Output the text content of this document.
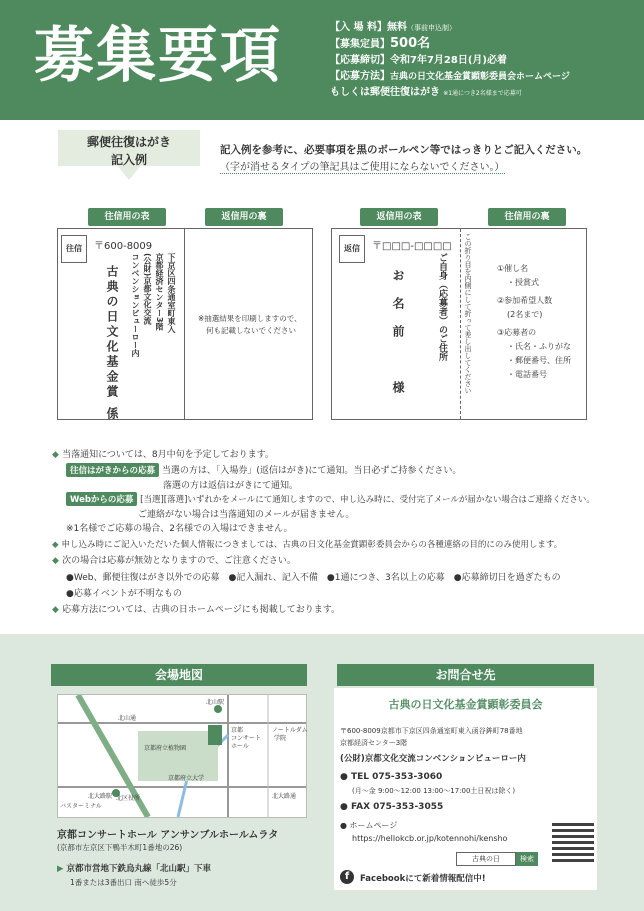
募集要項	【入 場 料】無料（事前申込制）
【募集定員】500名
【応募締切】令和7年7月28日(月)必着
【応募方法】古典の日文化基金賞顕彰委員会ホームページ
もしくは郵便往復はがき ※1通につき2名様まで応募可
郵便往復はがき
記入例
記入例を参考に、必要事項を黒のボールペン等ではっきりとご記入ください。
（字が消せるタイプの筆記具はご使用にならないでください。）
往信用の表	返信用の裏	返信用の表	往信用の裏
往信	〒600-8009
下京区四条通室町東入
京都経済センター3階
(公財)京都文化交流
コンベンションビューロー内
古典の日文化基金賞 係	※抽選結果を印刷しますので、
何も記載しないでください
返信	〒□□□-□□□□
ご自身（応募者）のご住所
お名前
様	この折り目を内側にして折って差し出してください	①催し名
・授賞式
②参加希望人数
(2名まで)
③応募者の
・氏名・ふりがな
・郵便番号、住所
・電話番号
◆ 当落通知については、8月中旬を予定しております。
往信はがきからの応募 当選の方は、「入場券」(返信はがき)にて通知。当日必ずご持参ください。
落選の方は返信はがきにて通知。
Webからの応募 [当選][落選]いずれかをメールにて通知しますので、申し込み時に、受付完了メールが届かない場合はご連絡ください。
ご連絡がない場合は当落通知のメールが届きません。
※1名様でご応募の場合、2名様での入場はできません。
◆ 申し込み時にご記入いただいた個人情報につきましては、古典の日文化基金賞顕彰委員会からの各種連絡の目的にのみ使用します。
◆ 次の場合は応募が無効となりますので、ご注意ください。
●Web、郵便往復はがき以外での応募　 ●記入漏れ、記入不備　 ●1通につき、3名以上の応募　 ●応募締切日を過ぎたもの
●応募イベントが不明なもの
◆ 応募方法については、古典の日ホームページにも掲載しております。
会場地図	お問合せ先
北山通
北山駅
京都
コンサート
ホール
京都府立植物園
京都府立大学
ノートルダム
学院
バスターミナル
北大路駅 北区役所	北大路通
京都コンサートホール アンサンブルホールムラタ
(京都市左京区下鴨半木町1番地の26)
▶ 京都市営地下鉄烏丸線「北山駅」下車
1番または3番出口 南へ徒歩5分
古典の日文化基金賞顕彰委員会
〒600-8009京都市下京区四条通室町東入函谷鉾町78番地
京都経済センター3階
(公財)京都文化交流コンベンションビューロー内
● TEL 075-353-3060
(月～金 9:00～12:00 13:00～17:00土日祝は除く)
● FAX 075-353-3055
● ホームページ
https://hellokcb.or.jp/kotennohi/kensho
古典の日	検索
f	Facebookにて新着情報配信中!
